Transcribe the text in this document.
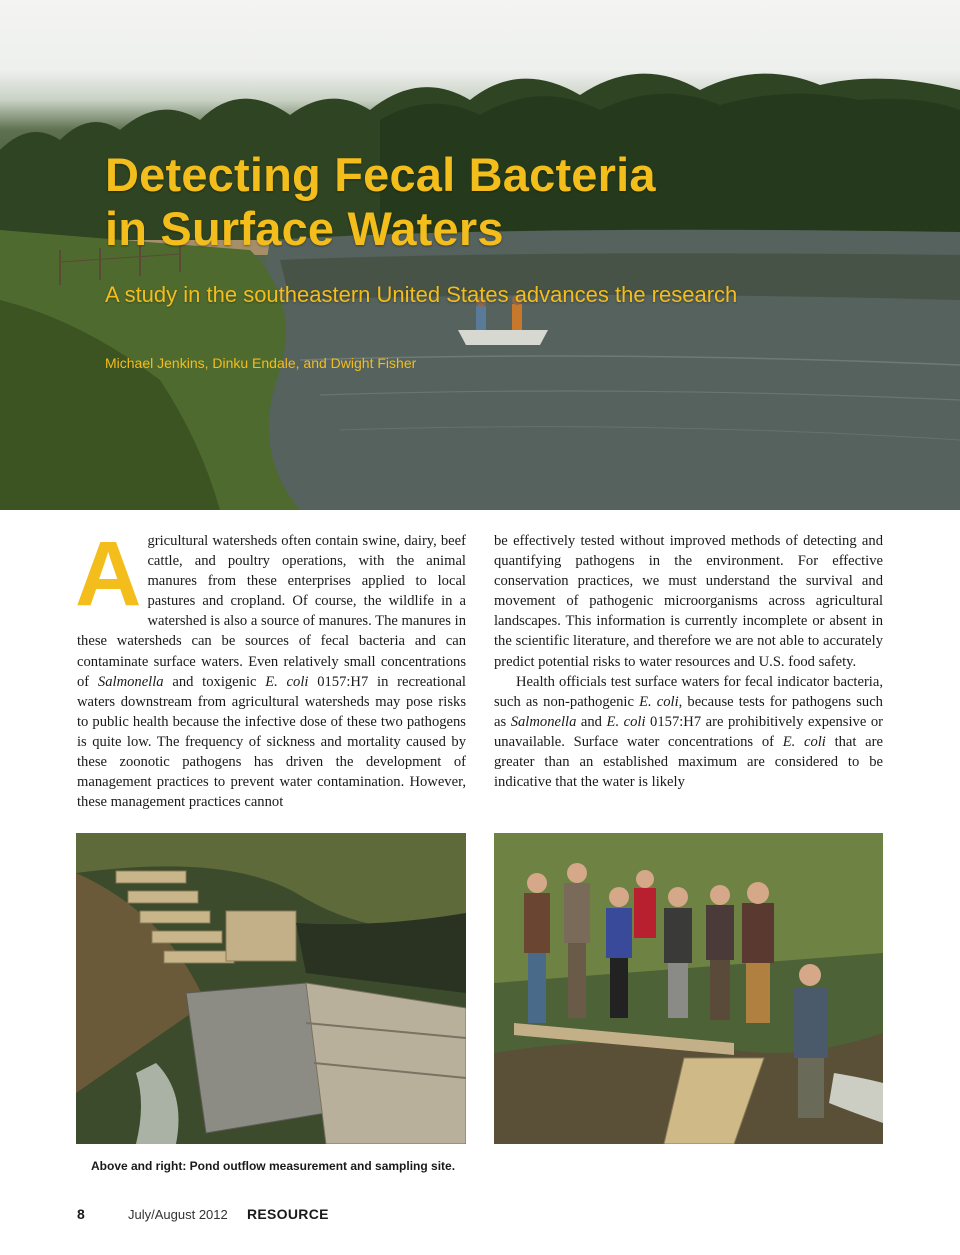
Detecting Fecal Bacteria
in Surface Waters

A study in the southeastern United States advances the research

Michael Jenkins, Dinku Endale, and Dwight Fisher

Agricultural watersheds often contain swine, dairy, beef cattle, and poultry operations, with the animal manures from these enterprises applied to local pastures and cropland. Of course, the wildlife in a watershed is also a source of manures. The manures in these watersheds can be sources of fecal bacteria and can contaminate surface waters. Even relatively small concentrations of Salmonella and toxigenic E. coli 0157:H7 in recreational waters downstream from agricultural watersheds may pose risks to public health because the infective dose of these two pathogens is quite low. The frequency of sickness and mortality caused by these zoonotic pathogens has driven the development of management practices to prevent water contamination. However, these management practices cannot

be effectively tested without improved methods of detecting and quantifying pathogens in the environment. For effective conservation practices, we must understand the survival and movement of pathogenic microorganisms across agricultural landscapes. This information is currently incomplete or absent in the scientific literature, and therefore we are not able to accurately predict potential risks to water resources and U.S. food safety.

Health officials test surface waters for fecal indicator bacteria, such as non-pathogenic E. coli, because tests for pathogens such as Salmonella and E. coli 0157:H7 are prohibitively expensive or unavailable. Surface water concentrations of E. coli that are greater than an established maximum are considered to be indicative that the water is likely

Above and right: Pond outflow measurement and sampling site.

8	July/August 2012 RESOURCE
